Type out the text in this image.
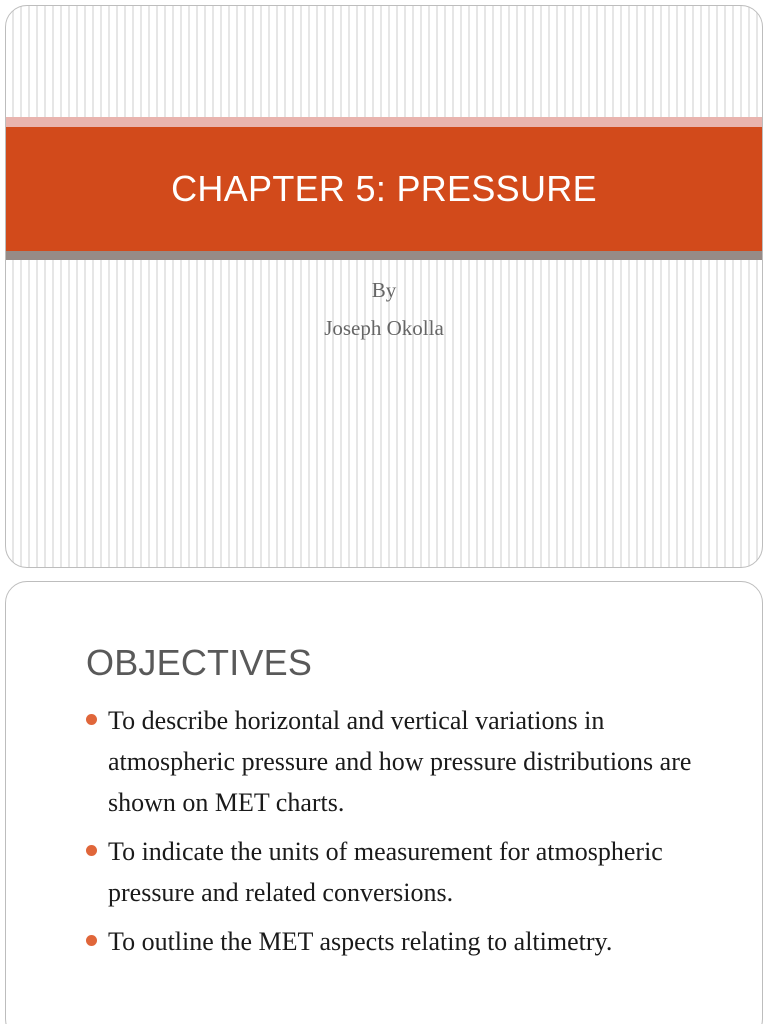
CHAPTER 5: PRESSURE
By
Joseph Okolla
OBJECTIVES
To describe horizontal and vertical variations in atmospheric pressure and how pressure distributions are shown on MET charts.
To indicate the units of measurement for atmospheric pressure and related conversions.
To outline the MET aspects relating to altimetry.
